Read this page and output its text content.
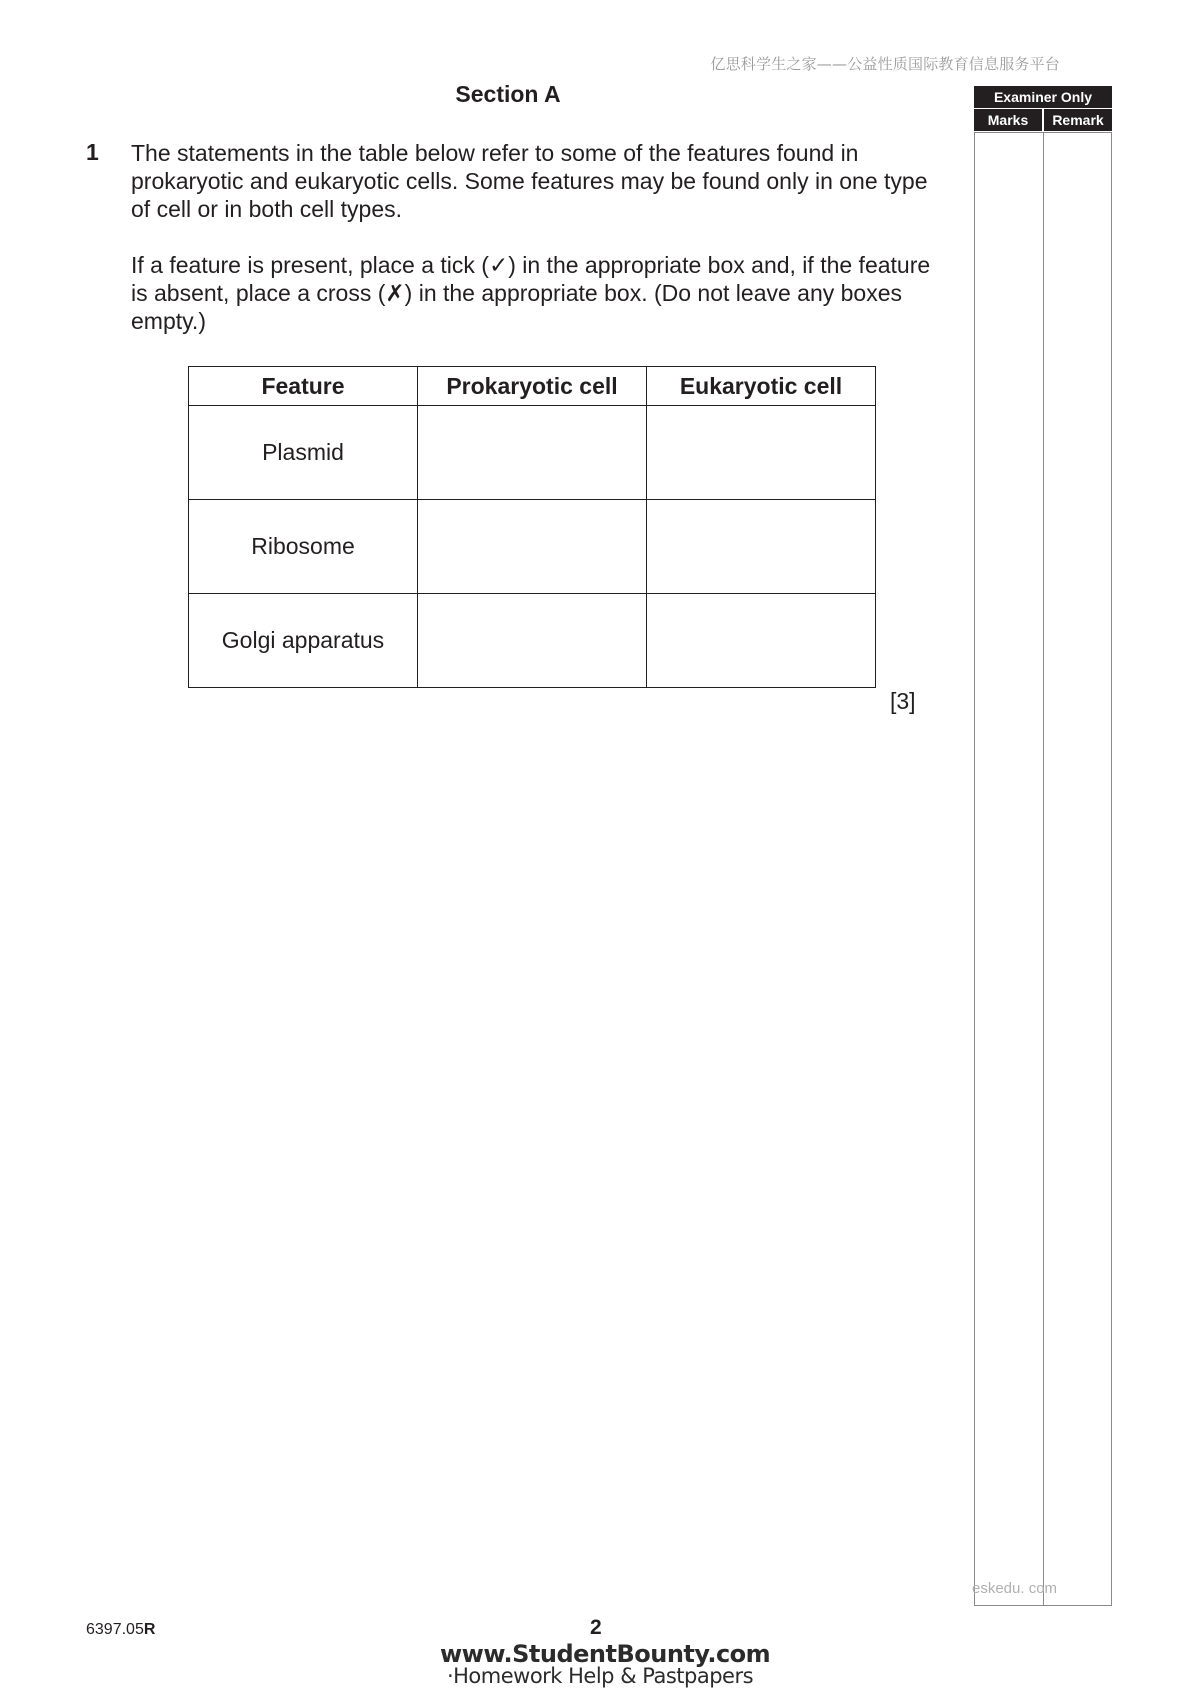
亿思科学生之家——公益性质国际教育信息服务平台
Section A	Examiner Only
Marks	Remark
1 The statements in the table below refer to some of the features found in prokaryotic and eukaryotic cells. Some features may be found only in one type of cell or in both cell types.
If a feature is present, place a tick (✓) in the appropriate box and, if the feature is absent, place a cross (✗) in the appropriate box. (Do not leave any boxes empty.)
Feature	Prokaryotic cell	Eukaryotic cell
Plasmid		
Ribosome		
Golgi apparatus		
[3]
eskedu. com
6397.05R	2
www.StudentBounty.com
·Homework Help & Pastpapers
